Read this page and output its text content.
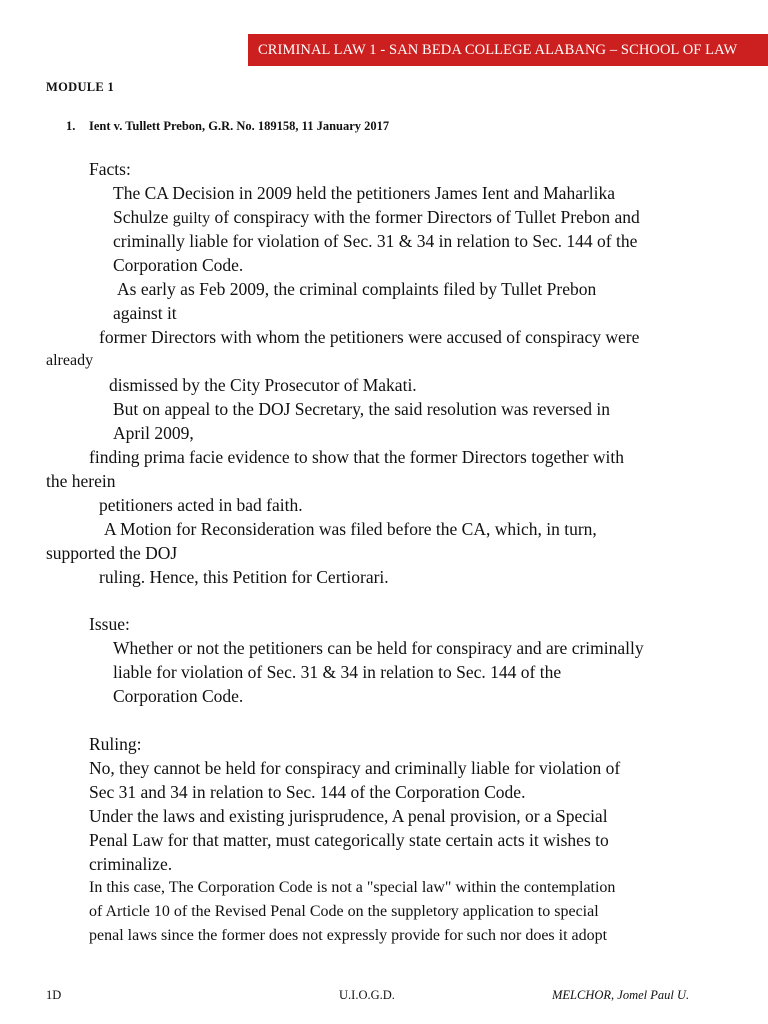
CRIMINAL LAW 1 - SAN BEDA COLLEGE ALABANG – SCHOOL OF LAW
MODULE 1
1. Ient v. Tullett Prebon, G.R. No. 189158, 11 January 2017
Facts:
The CA Decision in 2009 held the petitioners James Ient and Maharlika
Schulze guilty of conspiracy with the former Directors of Tullet Prebon and
criminally liable for violation of Sec. 31 & 34 in relation to Sec. 144 of the
Corporation Code.
As early as Feb 2009, the criminal complaints filed by Tullet Prebon
against it
former Directors with whom the petitioners were accused of conspiracy were
already
dismissed by the City Prosecutor of Makati.
But on appeal to the DOJ Secretary, the said resolution was reversed in
April 2009,
finding prima facie evidence to show that the former Directors together with
the herein
petitioners acted in bad faith.
A Motion for Reconsideration was filed before the CA, which, in turn,
supported the DOJ
ruling. Hence, this Petition for Certiorari.
Issue:
Whether or not the petitioners can be held for conspiracy and are criminally
liable for violation of Sec. 31 & 34 in relation to Sec. 144 of the
Corporation Code.
Ruling:
No, they cannot be held for conspiracy and criminally liable for violation of
Sec 31 and 34 in relation to Sec. 144 of the Corporation Code.
Under the laws and existing jurisprudence, A penal provision, or a Special
Penal Law for that matter, must categorically state certain acts it wishes to
criminalize.
In this case, The Corporation Code is not a "special law" within the contemplation
of Article 10 of the Revised Penal Code on the suppletory application to special
penal laws since the former does not expressly provide for such nor does it adopt
1D	U.I.O.G.D.	MELCHOR, Jomel Paul U.
